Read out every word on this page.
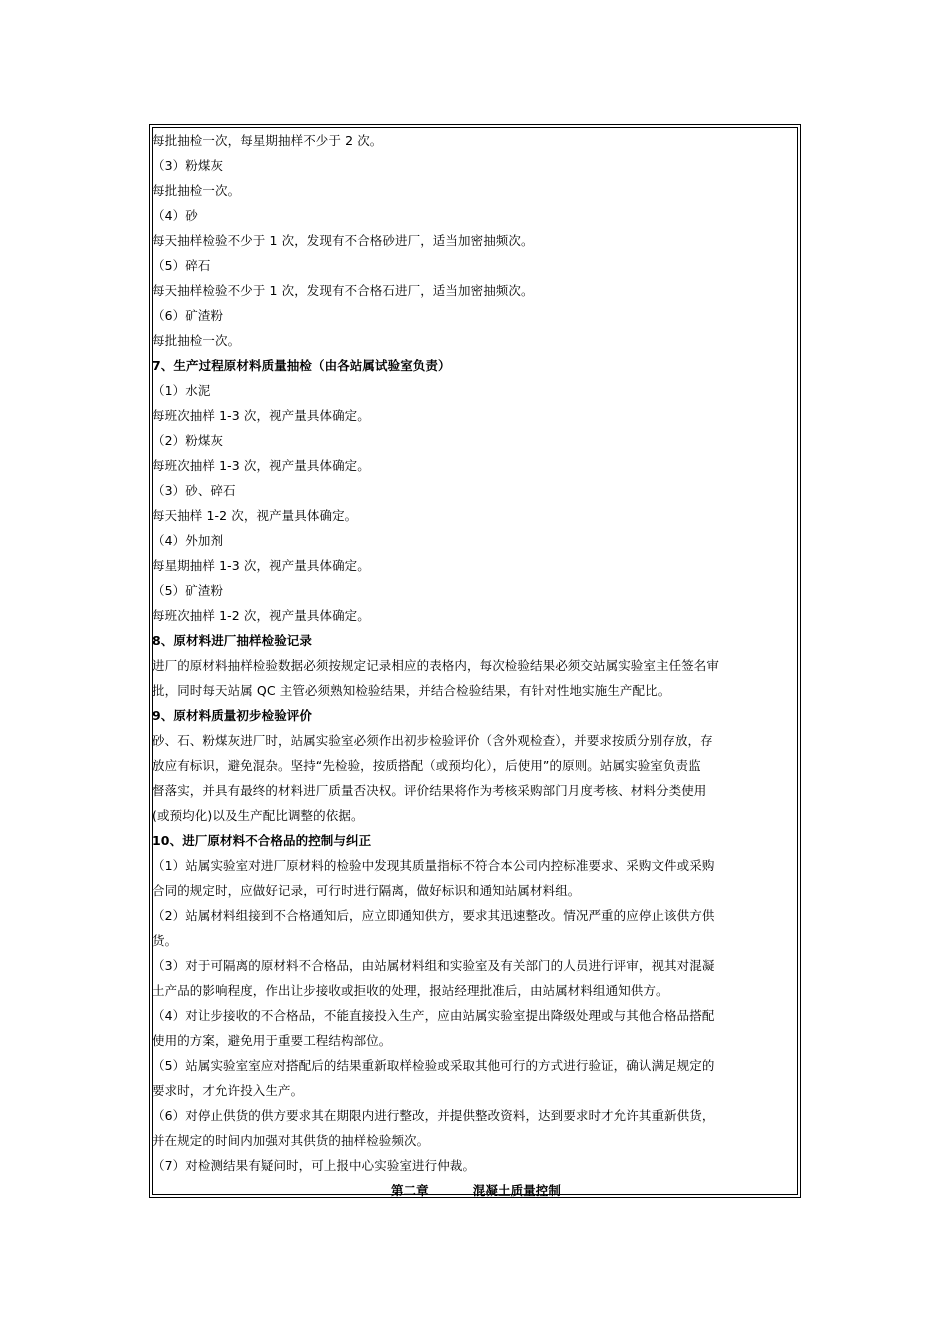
每批抽检一次，每星期抽样不少于 2 次。
（3）粉煤灰
每批抽检一次。
（4）砂
每天抽样检验不少于 1 次，发现有不合格砂进厂，适当加密抽频次。
（5）碎石
每天抽样检验不少于 1 次，发现有不合格石进厂，适当加密抽频次。
（6）矿渣粉
每批抽检一次。
7、生产过程原材料质量抽检（由各站属试验室负责）
（1）水泥
每班次抽样 1-3 次，视产量具体确定。
（2）粉煤灰
每班次抽样 1-3 次，视产量具体确定。
（3）砂、碎石
每天抽样 1-2 次，视产量具体确定。
（4）外加剂
每星期抽样 1-3 次，视产量具体确定。
（5）矿渣粉
每班次抽样 1-2 次，视产量具体确定。
8、原材料进厂抽样检验记录
进厂的原材料抽样检验数据必须按规定记录相应的表格内，每次检验结果必须交站属实验室主任签名审
批，同时每天站属 QC 主管必须熟知检验结果，并结合检验结果，有针对性地实施生产配比。
9、原材料质量初步检验评价
砂、石、粉煤灰进厂时，站属实验室必须作出初步检验评价（含外观检查），并要求按质分别存放，存
放应有标识，避免混杂。坚持“先检验，按质搭配（或预均化），后使用”的原则。站属实验室负责监
督落实，并具有最终的材料进厂质量否决权。评价结果将作为考核采购部门月度考核、材料分类使用
(或预均化)以及生产配比调整的依据。
10、进厂原材料不合格品的控制与纠正
（1）站属实验室对进厂原材料的检验中发现其质量指标不符合本公司内控标准要求、采购文件或采购
合同的规定时，应做好记录，可行时进行隔离，做好标识和通知站属材料组。
（2）站属材料组接到不合格通知后，应立即通知供方，要求其迅速整改。情况严重的应停止该供方供
货。
（3）对于可隔离的原材料不合格品，由站属材料组和实验室及有关部门的人员进行评审，视其对混凝
土产品的影响程度，作出让步接收或拒收的处理，报站经理批准后，由站属材料组通知供方。
（4）对让步接收的不合格品，不能直接投入生产，应由站属实验室提出降级处理或与其他合格品搭配
使用的方案，避免用于重要工程结构部位。
（5）站属实验室室应对搭配后的结果重新取样检验或采取其他可行的方式进行验证，确认满足规定的
要求时，才允许投入生产。
（6）对停止供货的供方要求其在期限内进行整改，并提供整改资料，达到要求时才允许其重新供货，
并在规定的时间内加强对其供货的抽样检验频次。
（7）对检测结果有疑问时，可上报中心实验室进行仲裁。
第二章	混凝土质量控制
